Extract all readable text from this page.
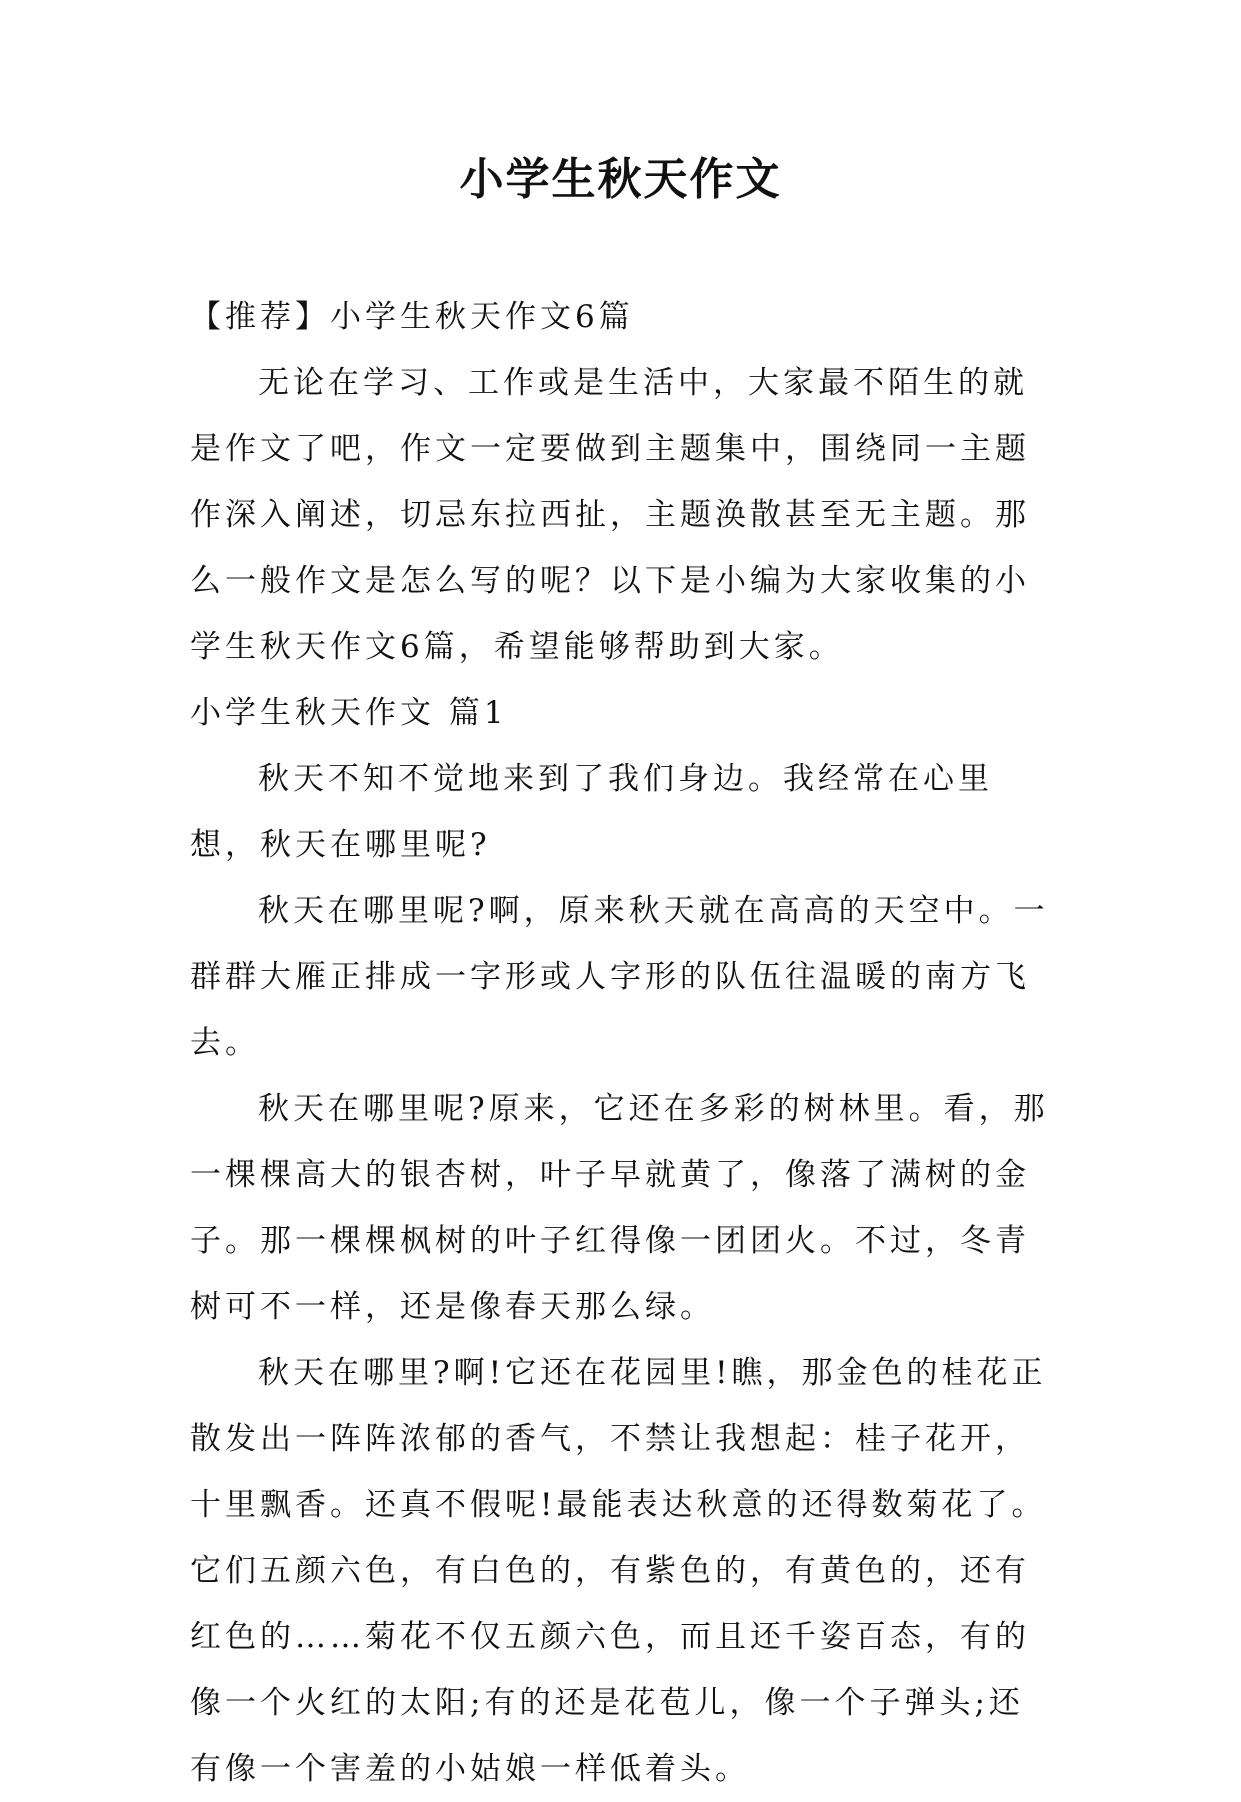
小学生秋天作文

【推荐】小学生秋天作文6篇

无论在学习、工作或是生活中，大家最不陌生的就是作文了吧，作文一定要做到主题集中，围绕同一主题作深入阐述，切忌东拉西扯，主题涣散甚至无主题。那么一般作文是怎么写的呢？以下是小编为大家收集的小学生秋天作文6篇，希望能够帮助到大家。

小学生秋天作文 篇1

秋天不知不觉地来到了我们身边。我经常在心里想，秋天在哪里呢?

秋天在哪里呢?啊，原来秋天就在高高的天空中。一群群大雁正排成一字形或人字形的队伍往温暖的南方飞去。

秋天在哪里呢?原来，它还在多彩的树林里。看，那一棵棵高大的银杏树，叶子早就黄了，像落了满树的金子。那一棵棵枫树的叶子红得像一团团火。不过，冬青树可不一样，还是像春天那么绿。

秋天在哪里?啊!它还在花园里!瞧，那金色的桂花正散发出一阵阵浓郁的香气，不禁让我想起：桂子花开，十里飘香。还真不假呢!最能表达秋意的还得数菊花了。它们五颜六色，有白色的，有紫色的，有黄色的，还有红色的……菊花不仅五颜六色，而且还千姿百态，有的像一个火红的太阳;有的还是花苞儿，像一个子弹头;还有像一个害羞的小姑娘一样低着头。
